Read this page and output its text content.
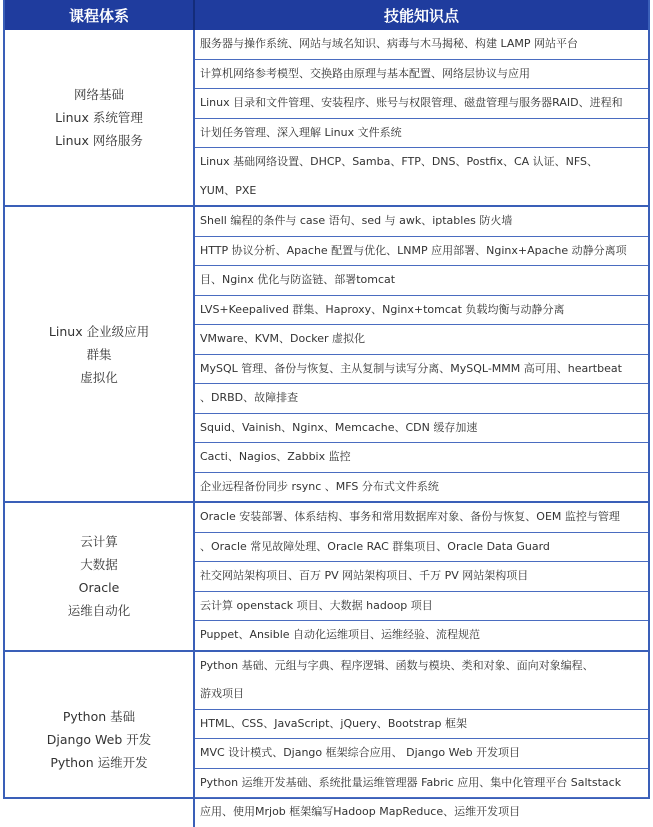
课程体系	技能知识点
网络基础
Linux 系统管理
Linux 网络服务
服务器与操作系统、网站与域名知识、病毒与木马揭秘、构建 LAMP 网站平台
计算机网络参考模型、交换路由原理与基本配置、网络层协议与应用
Linux 目录和文件管理、安装程序、账号与权限管理、磁盘管理与服务器RAID、进程和
计划任务管理、深入理解 Linux 文件系统
Linux 基础网络设置、DHCP、Samba、FTP、DNS、Postfix、CA 认证、NFS、
YUM、PXE
Linux 企业级应用
群集
虚拟化
Shell 编程的条件与 case 语句、sed 与 awk、iptables 防火墙
HTTP 协议分析、Apache 配置与优化、LNMP 应用部署、Nginx+Apache 动静分离项
目、Nginx 优化与防盗链、部署tomcat
LVS+Keepalived 群集、Haproxy、Nginx+tomcat 负载均衡与动静分离
VMware、KVM、Docker 虚拟化
MySQL 管理、备份与恢复、主从复制与读写分离、MySQL-MMM 高可用、heartbeat
、DRBD、故障排查
Squid、Vainish、Nginx、Memcache、CDN 缓存加速
Cacti、Nagios、Zabbix 监控
企业远程备份同步 rsync 、MFS 分布式文件系统
云计算
大数据
Oracle
运维自动化
Oracle 安装部署、体系结构、事务和常用数据库对象、备份与恢复、OEM 监控与管理
、Oracle 常见故障处理、Oracle RAC 群集项目、Oracle Data Guard
社交网站架构项目、百万 PV 网站架构项目、千万 PV 网站架构项目
云计算 openstack 项目、大数据 hadoop 项目
Puppet、Ansible 自动化运维项目、运维经验、流程规范
Python 基础
Django Web 开发
Python 运维开发
Python 基础、元组与字典、程序逻辑、函数与模块、类和对象、面向对象编程、
游戏项目
HTML、CSS、JavaScript、jQuery、Bootstrap 框架
MVC 设计模式、Django 框架综合应用、 Django Web 开发项目
Python 运维开发基础、系统批量运维管理器 Fabric 应用、集中化管理平台 Saltstack
应用、使用Mrjob 框架编写Hadoop MapReduce、运维开发项目
